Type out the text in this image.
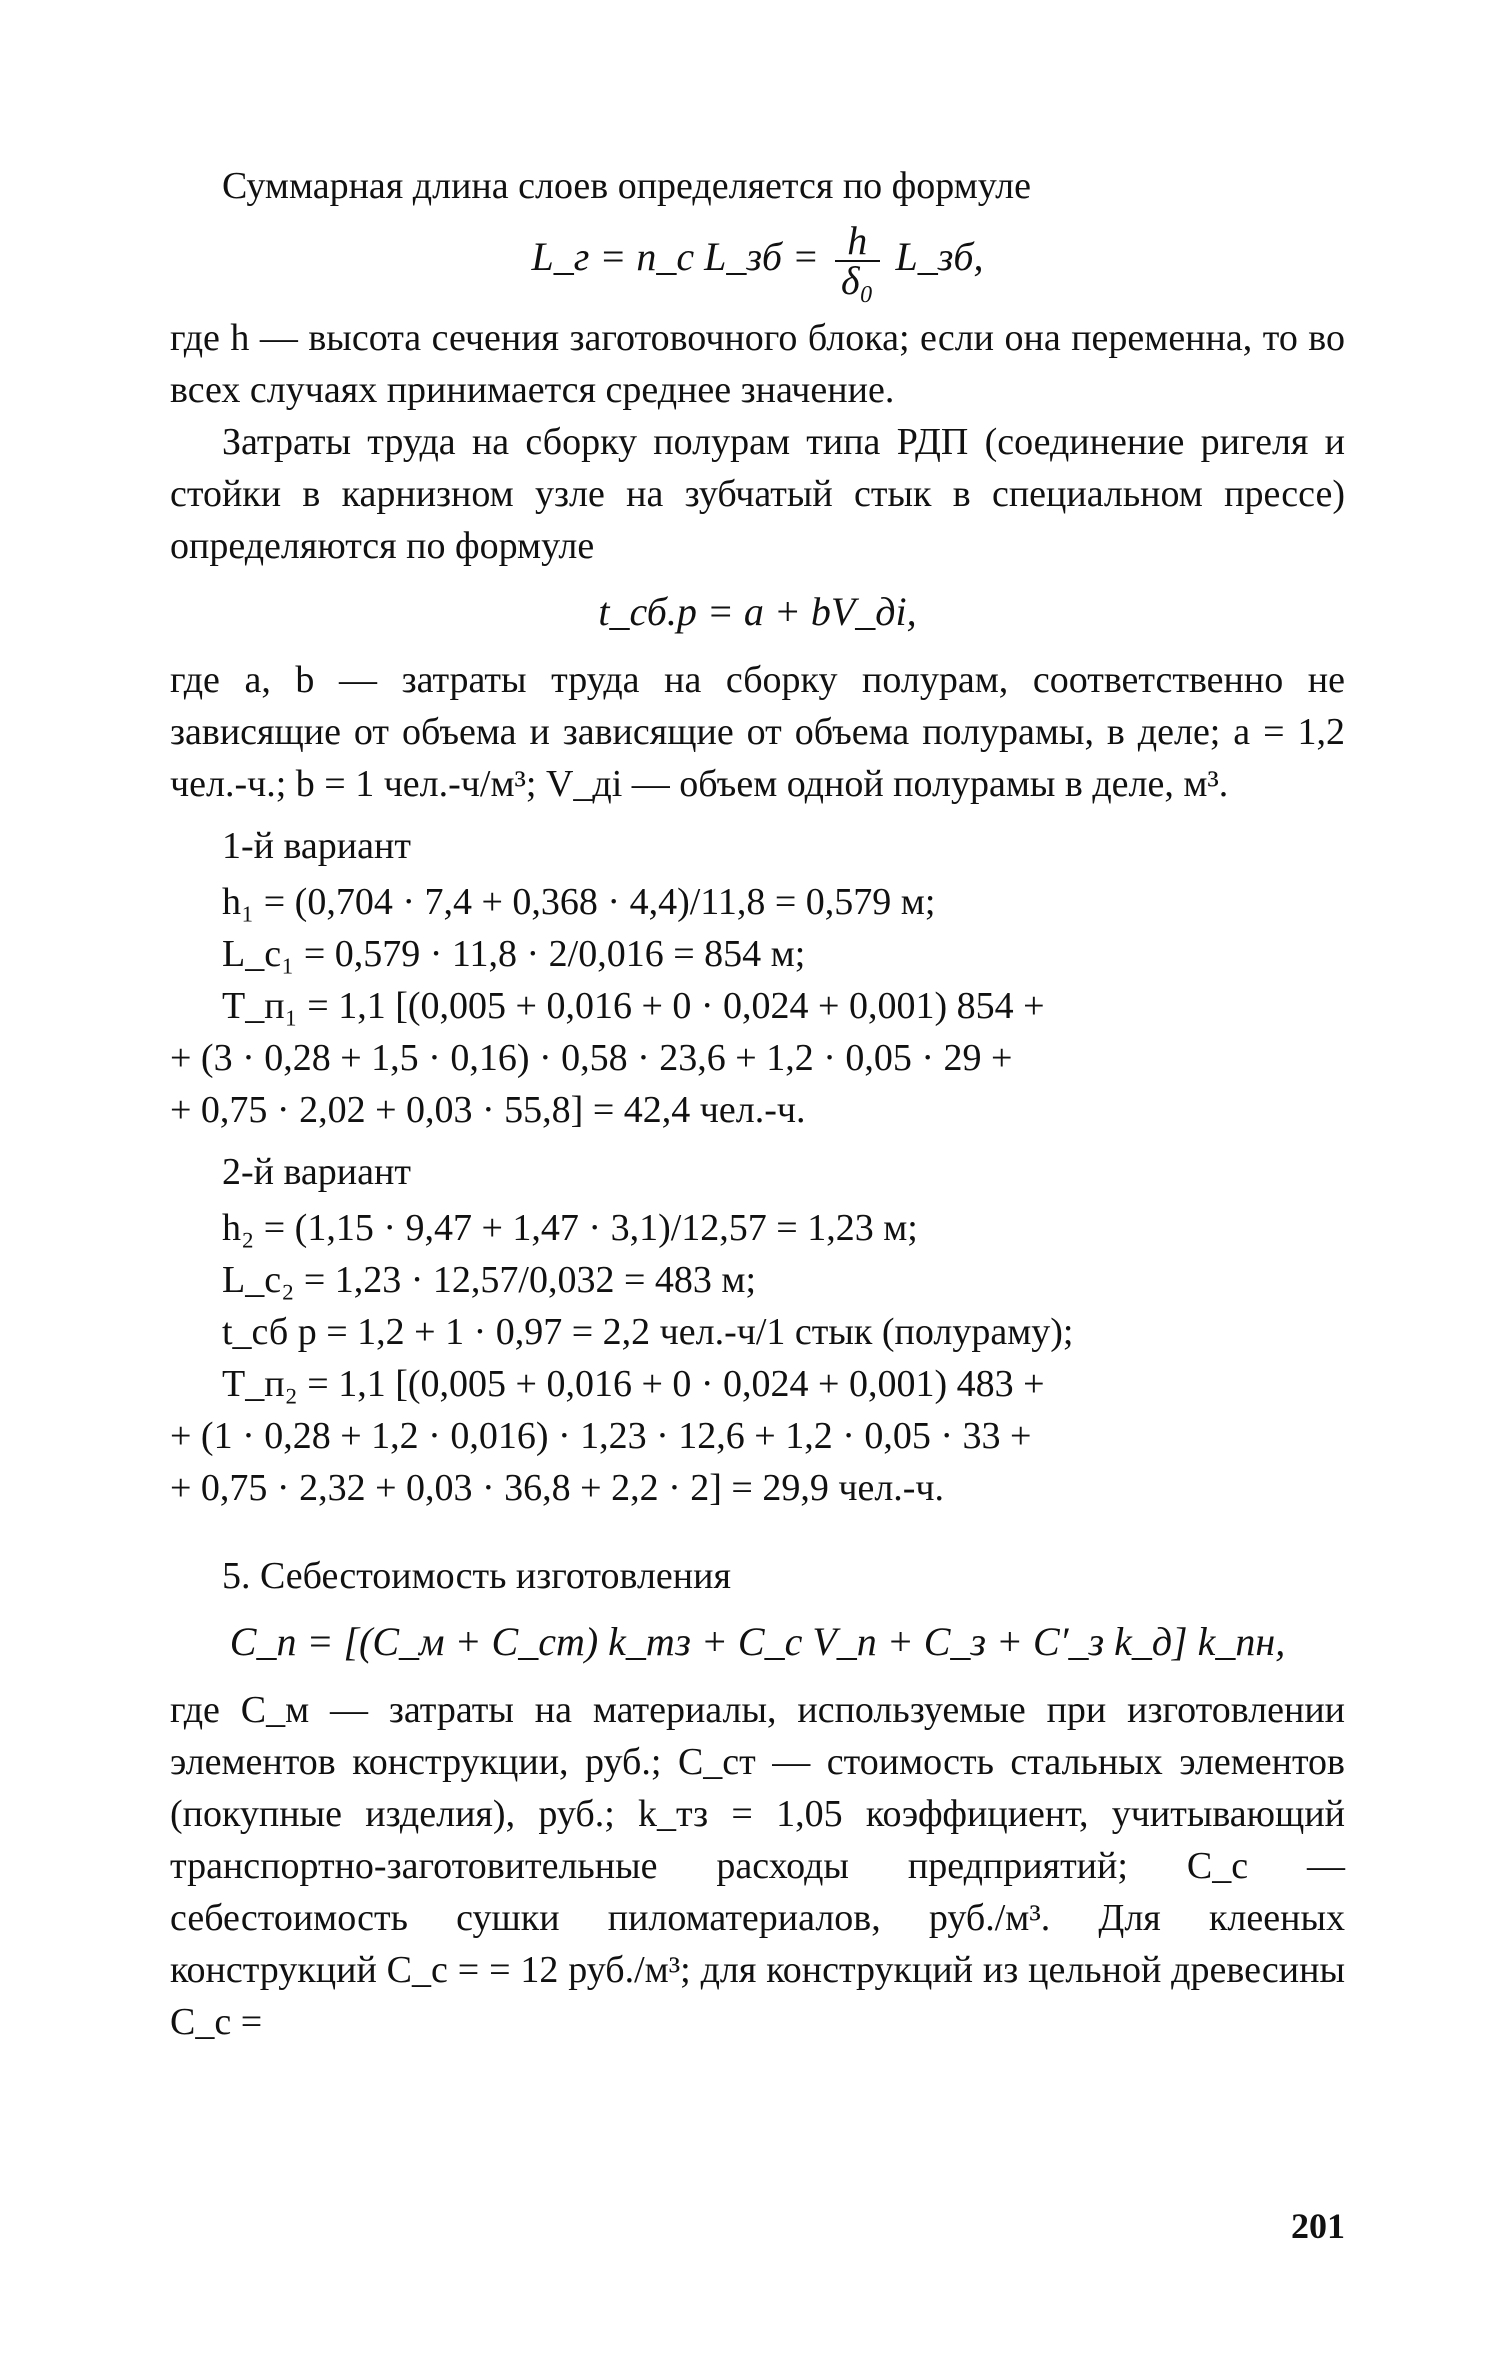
Суммарная длина слоев определяется по формуле

L_г = n_с L_зб = $\frac{h}{\text{δ₀}}$ L_зб,

где h — высота сечения заготовочного блока; если она переменна, то во всех случаях принимается среднее значение.

Затраты труда на сборку полурам типа РДП (соединение ригеля и стойки в карнизном узле на зубчатый стык в специальном прессе) определяются по формуле

t_сб.р = a + bV_дi,

где a, b — затраты труда на сборку полурам, соответственно не зависящие от объема и зависящие от объема полурамы, в деле; a = 1,2 чел.-ч.; b = 1 чел.-ч/м³; V_дi — объем одной полурамы в деле, м³.

1-й вариант

h₁ = (0,704 · 7,4 + 0,368 · 4,4)/11,8 = 0,579 м;

L_с₁ = 0,579 · 11,8 · 2/0,016 = 854 м;

T_п₁ = 1,1 [(0,005 + 0,016 + 0 · 0,024 + 0,001) 854 +

+ (3 · 0,28 + 1,5 · 0,16) · 0,58 · 23,6 + 1,2 · 0,05 · 29 +

+ 0,75 · 2,02 + 0,03 · 55,8] = 42,4 чел.-ч.

2-й вариант

h₂ = (1,15 · 9,47 + 1,47 · 3,1)/12,57 = 1,23 м;

L_с₂ = 1,23 · 12,57/0,032 = 483 м;

t_сб р = 1,2 + 1 · 0,97 = 2,2 чел.-ч/1 стык (полураму);

T_п₂ = 1,1 [(0,005 + 0,016 + 0 · 0,024 + 0,001) 483 +

+ (1 · 0,28 + 1,2 · 0,016) · 1,23 · 12,6 + 1,2 · 0,05 · 33 +

+ 0,75 · 2,32 + 0,03 · 36,8 + 2,2 · 2] = 29,9 чел.-ч.

5. Себестоимость изготовления

C_п = [(C_м + C_ст) k_тз + C_с V_п + C_з + C′_з k_д] k_пн,

где C_м — затраты на материалы, используемые при изготовлении элементов конструкции, руб.; C_ст — стоимость стальных элементов (покупные изделия), руб.; k_тз = 1,05 коэффициент, учитывающий транспортно-заготовительные расходы предприятий; C_с — себестоимость сушки пиломатериалов, руб./м³. Для клееных конструкций C_с = = 12 руб./м³; для конструкций из цельной древесины C_с =

201
